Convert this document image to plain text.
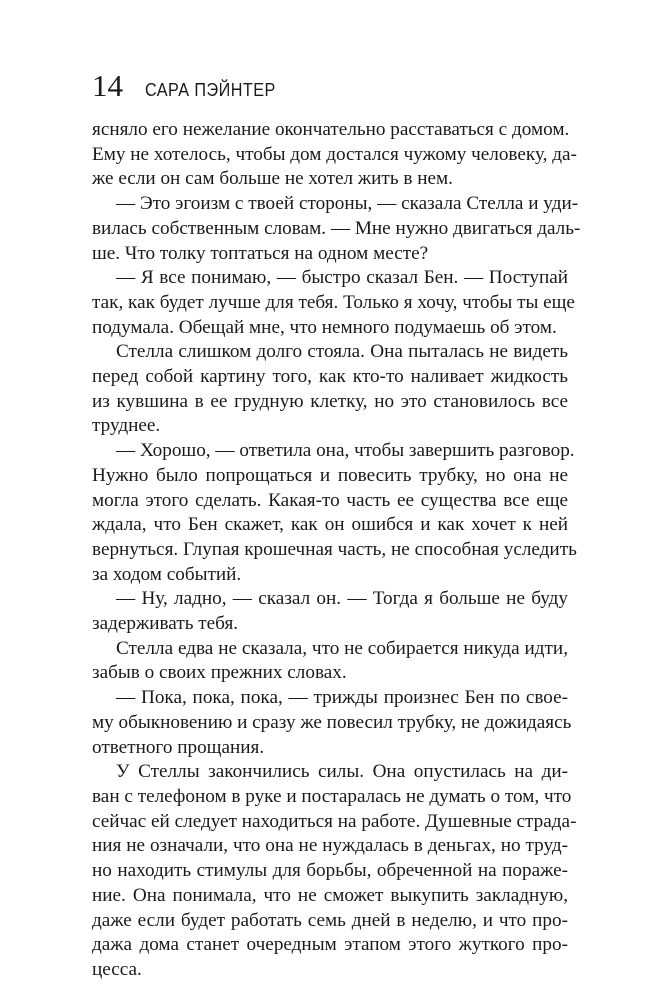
14 САРА ПЭЙНТЕР
ясняло его нежелание окончательно расставаться с домом.
Ему не хотелось, чтобы дом достался чужому человеку, да-
же если он сам больше не хотел жить в нем.
— Это эгоизм с твоей стороны, — сказала Стелла и уди-
вилась собственным словам. — Мне нужно двигаться даль-
ше. Что толку топтаться на одном месте?
— Я все понимаю, — быстро сказал Бен. — Поступай
так, как будет лучше для тебя. Только я хочу, чтобы ты еще
подумала. Обещай мне, что немного подумаешь об этом.
Стелла слишком долго стояла. Она пыталась не видеть
перед собой картину того, как кто-то наливает жидкость
из кувшина в ее грудную клетку, но это становилось все
труднее.
— Хорошо, — ответила она, чтобы завершить разговор.
Нужно было попрощаться и повесить трубку, но она не
могла этого сделать. Какая-то часть ее существа все еще
ждала, что Бен скажет, как он ошибся и как хочет к ней
вернуться. Глупая крошечная часть, не способная уследить
за ходом событий.
— Ну, ладно, — сказал он. — Тогда я больше не буду
задерживать тебя.
Стелла едва не сказала, что не собирается никуда идти,
забыв о своих прежних словах.
— Пока, пока, пока, — трижды произнес Бен по свое-
му обыкновению и сразу же повесил трубку, не дожидаясь
ответного прощания.
У Стеллы закончились силы. Она опустилась на ди-
ван с телефоном в руке и постаралась не думать о том, что
сейчас ей следует находиться на работе. Душевные страда-
ния не означали, что она не нуждалась в деньгах, но труд-
но находить стимулы для борьбы, обреченной на пораже-
ние. Она понимала, что не сможет выкупить закладную,
даже если будет работать семь дней в неделю, и что про-
дажа дома станет очередным этапом этого жуткого про-
цесса.
